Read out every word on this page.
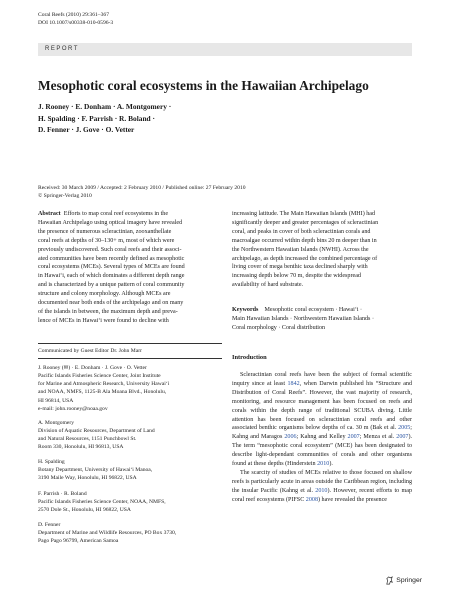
Coral Reefs (2010) 29:361–367
DOI 10.1007/s00338-010-0596-3
REPORT
Mesophotic coral ecosystems in the Hawaiian Archipelago
J. Rooney · E. Donham · A. Montgomery ·
H. Spalding · F. Parrish · R. Boland ·
D. Fenner · J. Gove · O. Vetter
Received: 30 March 2009 / Accepted: 2 February 2010 / Published online: 27 February 2010
© Springer-Verlag 2010
Abstract Efforts to map coral reef ecosystems in the
Hawaiian Archipelago using optical imagery have revealed
the presence of numerous scleractinian, zooxanthellate
coral reefs at depths of 30–130+ m, most of which were
previously undiscovered. Such coral reefs and their associ-
ated communities have been recently defined as mesophotic
coral ecosystems (MCEs). Several types of MCEs are found
in Hawai‘i, each of which dominates a different depth range
and is characterized by a unique pattern of coral community
structure and colony morphology. Although MCEs are
documented near both ends of the archipelago and on many
of the islands in between, the maximum depth and preva-
lence of MCEs in Hawai‘i were found to decline with
increasing latitude. The Main Hawaiian Islands (MHI) had
significantly deeper and greater percentages of scleractinian
coral, and peaks in cover of both scleractinian corals and
macroalgae occurred within depth bins 20 m deeper than in
the Northwestern Hawaiian Islands (NWHI). Across the
archipelago, as depth increased the combined percentage of
living cover of mega benthic taxa declined sharply with
increasing depth below 70 m, despite the widespread
availability of hard substrate.
Keywords Mesophotic coral ecosystem · Hawai‘i ·
Main Hawaiian Islands · Northwestern Hawaiian Islands ·
Coral morphology · Coral distribution
Communicated by Guest Editor Dr. John Marr
J. Rooney (✉) · E. Donham · J. Gove · O. Vetter
Pacific Islands Fisheries Science Center, Joint Institute
for Marine and Atmospheric Research, University Hawai‘i
and NOAA, NMFS, 1125-B Ala Moana Blvd., Honolulu,
HI 96814, USA
e-mail: john.rooney@noaa.gov
A. Montgomery
Division of Aquatic Resources, Department of Land
and Natural Resources, 1151 Punchbowl St.
Room 330, Honolulu, HI 96813, USA
H. Spalding
Botany Department, University of Hawai‘i Manoa,
3190 Maile Way, Honolulu, HI 96822, USA
F. Parrish · R. Boland
Pacific Islands Fisheries Science Center, NOAA, NMFS,
2570 Dole St., Honolulu, HI 96822, USA
D. Fenner
Department of Marine and Wildlife Resources, PO Box 3730,
Pago Pago 96799, American Samoa
Introduction

Scleractinian coral reefs have been the subject of formal scientific inquiry since at least 1842, when Darwin published his “Structure and Distribution of Coral Reefs”. However, the vast majority of research, monitoring, and resource management has been focused on reefs and corals within the depth range of traditional SCUBA diving. Little attention has been focused on scleractinian coral reefs and other associated benthic organisms below depths of ca. 30 m (Bak et al. 2005; Kahng and Maragos 2006; Kahng and Kelley 2007; Menza et al. 2007). The term “mesophotic coral ecosystem” (MCE) has been designated to describe light-dependant communities of corals and other organisms found at these depths (Hinderstein 2010).

The scarcity of studies of MCEs relative to those focused on shallow reefs is particularly acute in areas outside the Caribbean region, including the insular Pacific (Kahng et al. 2010). However, recent efforts to map coral reef ecosystems (PIFSC 2008) have revealed the presence

Springer
